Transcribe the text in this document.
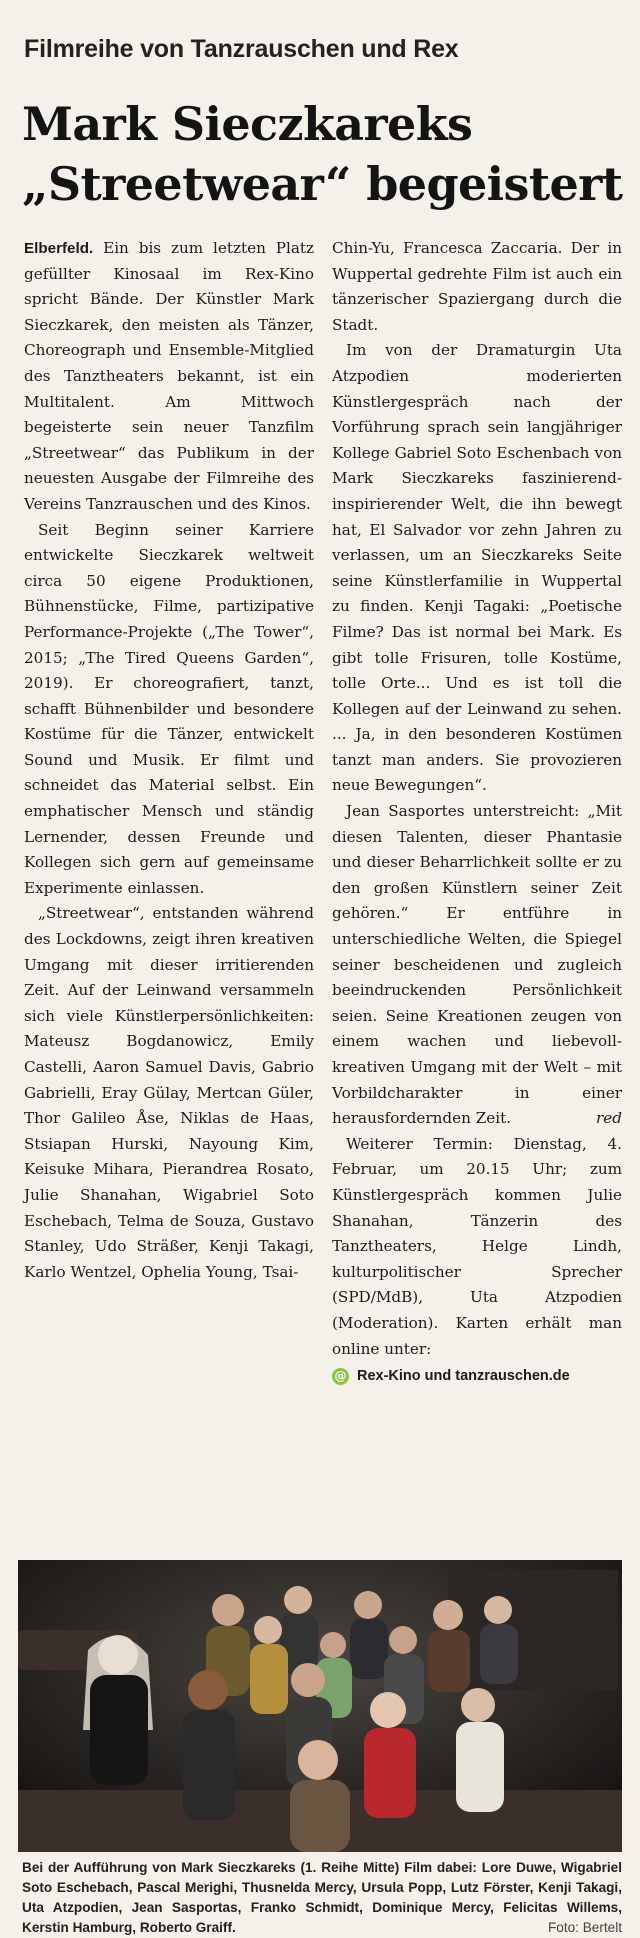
Filmreihe von Tanzrauschen und Rex
Mark Sieczkareks
„Streetwear“ begeistert

Elberfeld. Ein bis zum letzten Platz gefüllter Kinosaal im Rex-Kino spricht Bände. Der Künstler Mark Sieczkarek, den meisten als Tänzer, Choreograph und Ensemble-Mitglied des Tanztheaters bekannt, ist ein Multitalent. Am Mittwoch begeisterte sein neuer Tanzfilm „Streetwear“ das Publikum in der neuesten Ausgabe der Filmreihe des Vereins Tanzrauschen und des Kinos.

Seit Beginn seiner Karriere entwickelte Sieczkarek weltweit circa 50 eigene Produktionen, Bühnenstücke, Filme, partizipative Performance-Projekte („The Tower“, 2015; „The Tired Queens Garden“, 2019). Er choreografiert, tanzt, schafft Bühnenbilder und besondere Kostüme für die Tänzer, entwickelt Sound und Musik. Er filmt und schneidet das Material selbst. Ein emphatischer Mensch und ständig Lernender, dessen Freunde und Kollegen sich gern auf gemeinsame Experimente einlassen.

„Streetwear“, entstanden während des Lockdowns, zeigt ihren kreativen Umgang mit dieser irritierenden Zeit. Auf der Leinwand versammeln sich viele Künstlerpersönlichkeiten: Mateusz Bogdanowicz, Emily Castelli, Aaron Samuel Davis, Gabrio Gabrielli, Eray Gülay, Mertcan Güler, Thor Galileo Åse, Niklas de Haas, Stsiapan Hurski, Nayoung Kim, Keisuke Mihara, Pierandrea Rosato, Julie Shanahan, Wigabriel Soto Eschebach, Telma de Souza, Gustavo Stanley, Udo Sträßer, Kenji Takagi, Karlo Wentzel, Ophelia Young, Tsai-

Chin-Yu, Francesca Zaccaria. Der in Wuppertal gedrehte Film ist auch ein tänzerischer Spaziergang durch die Stadt.

Im von der Dramaturgin Uta Atzpodien moderierten Künstlergespräch nach der Vorführung sprach sein langjähriger Kollege Gabriel Soto Eschenbach von Mark Sieczkareks faszinierend-inspirierender Welt, die ihn bewegt hat, El Salvador vor zehn Jahren zu verlassen, um an Sieczkareks Seite seine Künstlerfamilie in Wuppertal zu finden. Kenji Tagaki: „Poetische Filme? Das ist normal bei Mark. Es gibt tolle Frisuren, tolle Kostüme, tolle Orte... Und es ist toll die Kollegen auf der Leinwand zu sehen. ... Ja, in den besonderen Kostümen tanzt man anders. Sie provozieren neue Bewegungen“.

Jean Sasportes unterstreicht: „Mit diesen Talenten, dieser Phantasie und dieser Beharrlichkeit sollte er zu den großen Künstlern seiner Zeit gehören.“ Er entführe in unterschiedliche Welten, die Spiegel seiner bescheidenen und zugleich beeindruckenden Persönlichkeit seien. Seine Kreationen zeugen von einem wachen und liebevoll-kreativen Umgang mit der Welt – mit Vorbildcharakter in einer herausfordernden Zeit.	red

Weiterer Termin: Dienstag, 4. Februar, um 20.15 Uhr; zum Künstlergespräch kommen Julie Shanahan, Tänzerin des Tanztheaters, Helge Lindh, kulturpolitischer Sprecher (SPD/MdB), Uta Atzpodien (Moderation). Karten erhält man online unter:

@ Rex-Kino und tanzrauschen.de
Bei der Aufführung von Mark Sieczkareks (1. Reihe Mitte) Film dabei: Lore Duwe, Wigabriel Soto Eschebach, Pascal Merighi, Thusnelda Mercy, Ursula Popp, Lutz Förster, Kenji Takagi, Uta Atzpodien, Jean Sasportas, Franko Schmidt, Dominique Mercy, Felicitas Willems, Kerstin Hamburg, Roberto Graiff.	Foto: Bertelt
